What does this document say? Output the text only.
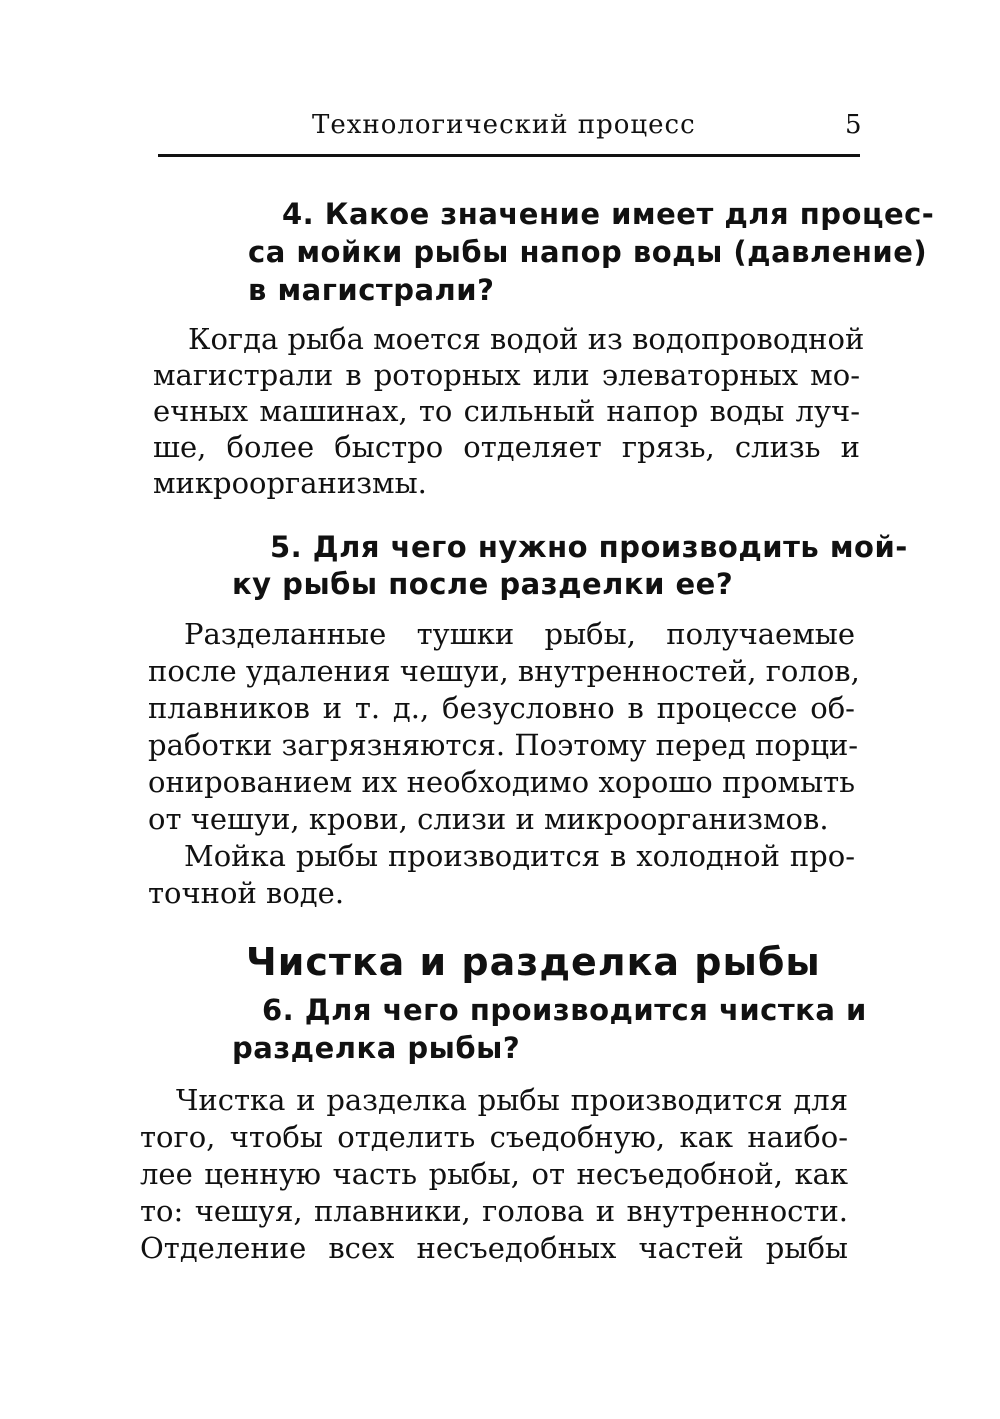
Технологический процесс	5
4. Какое значение имеет для процес-
са мойки рыбы напор воды (давление)
в магистрали?
Когда рыба моется водой из водопроводной
магистрали в роторных или элеваторных мо-
ечных машинах, то сильный напор воды луч-
ше, более быстро отделяет грязь, слизь и
микроорганизмы.
5. Для чего нужно производить мой-
ку рыбы после разделки ее?
Разделанные тушки рыбы, получаемые
после удаления чешуи, внутренностей, голов,
плавников и т. д., безусловно в процессе об-
работки загрязняются. Поэтому перед порци-
онированием их необходимо хорошо промыть
от чешуи, крови, слизи и микроорганизмов.
Мойка рыбы производится в холодной про-
точной воде.
Чистка и разделка рыбы
6. Для чего производится чистка и
разделка рыбы?
Чистка и разделка рыбы производится для
того, чтобы отделить съедобную, как наибо-
лее ценную часть рыбы, от несъедобной, как
то: чешуя, плавники, голова и внутренности.
Отделение всех несъедобных частей рыбы
